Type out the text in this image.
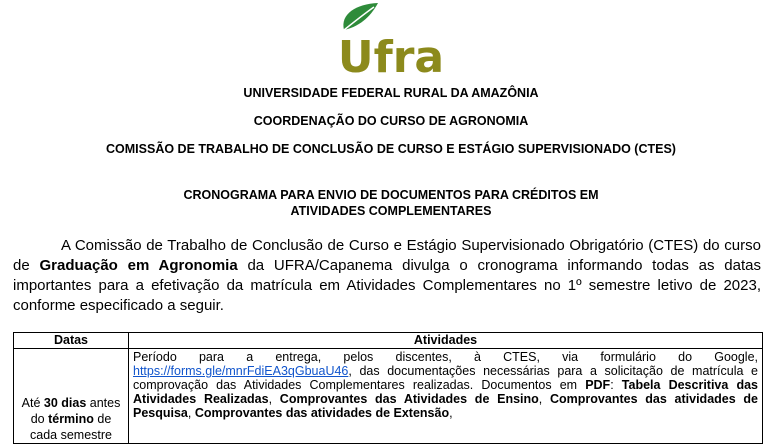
Ufra
UNIVERSIDADE FEDERAL RURAL DA AMAZÔNIA
COORDENAÇÃO DO CURSO DE AGRONOMIA
COMISSÃO DE TRABALHO DE CONCLUSÃO DE CURSO E ESTÁGIO SUPERVISIONADO (CTES)
CRONOGRAMA PARA ENVIO DE DOCUMENTOS PARA CRÉDITOS EM
ATIVIDADES COMPLEMENTARES

A Comissão de Trabalho de Conclusão de Curso e Estágio Supervisionado Obrigatório (CTES) do curso de Graduação em Agronomia da UFRA/Capanema divulga o cronograma informando todas as datas importantes para a efetivação da matrícula em Atividades Complementares no 1º semestre letivo de 2023, conforme especificado a seguir.

Datas	Atividades
Até 30 dias antes do término de cada semestre	Período para a entrega, pelos discentes, à CTES, via formulário do Google, https://forms.gle/mnrFdiEA3qGbuaU46, das documentações necessárias para a solicitação de matrícula e comprovação das Atividades Complementares realizadas. Documentos em PDF: Tabela Descritiva das Atividades Realizadas, Comprovantes das Atividades de Ensino, Comprovantes das atividades de Pesquisa, Comprovantes das atividades de Extensão,
